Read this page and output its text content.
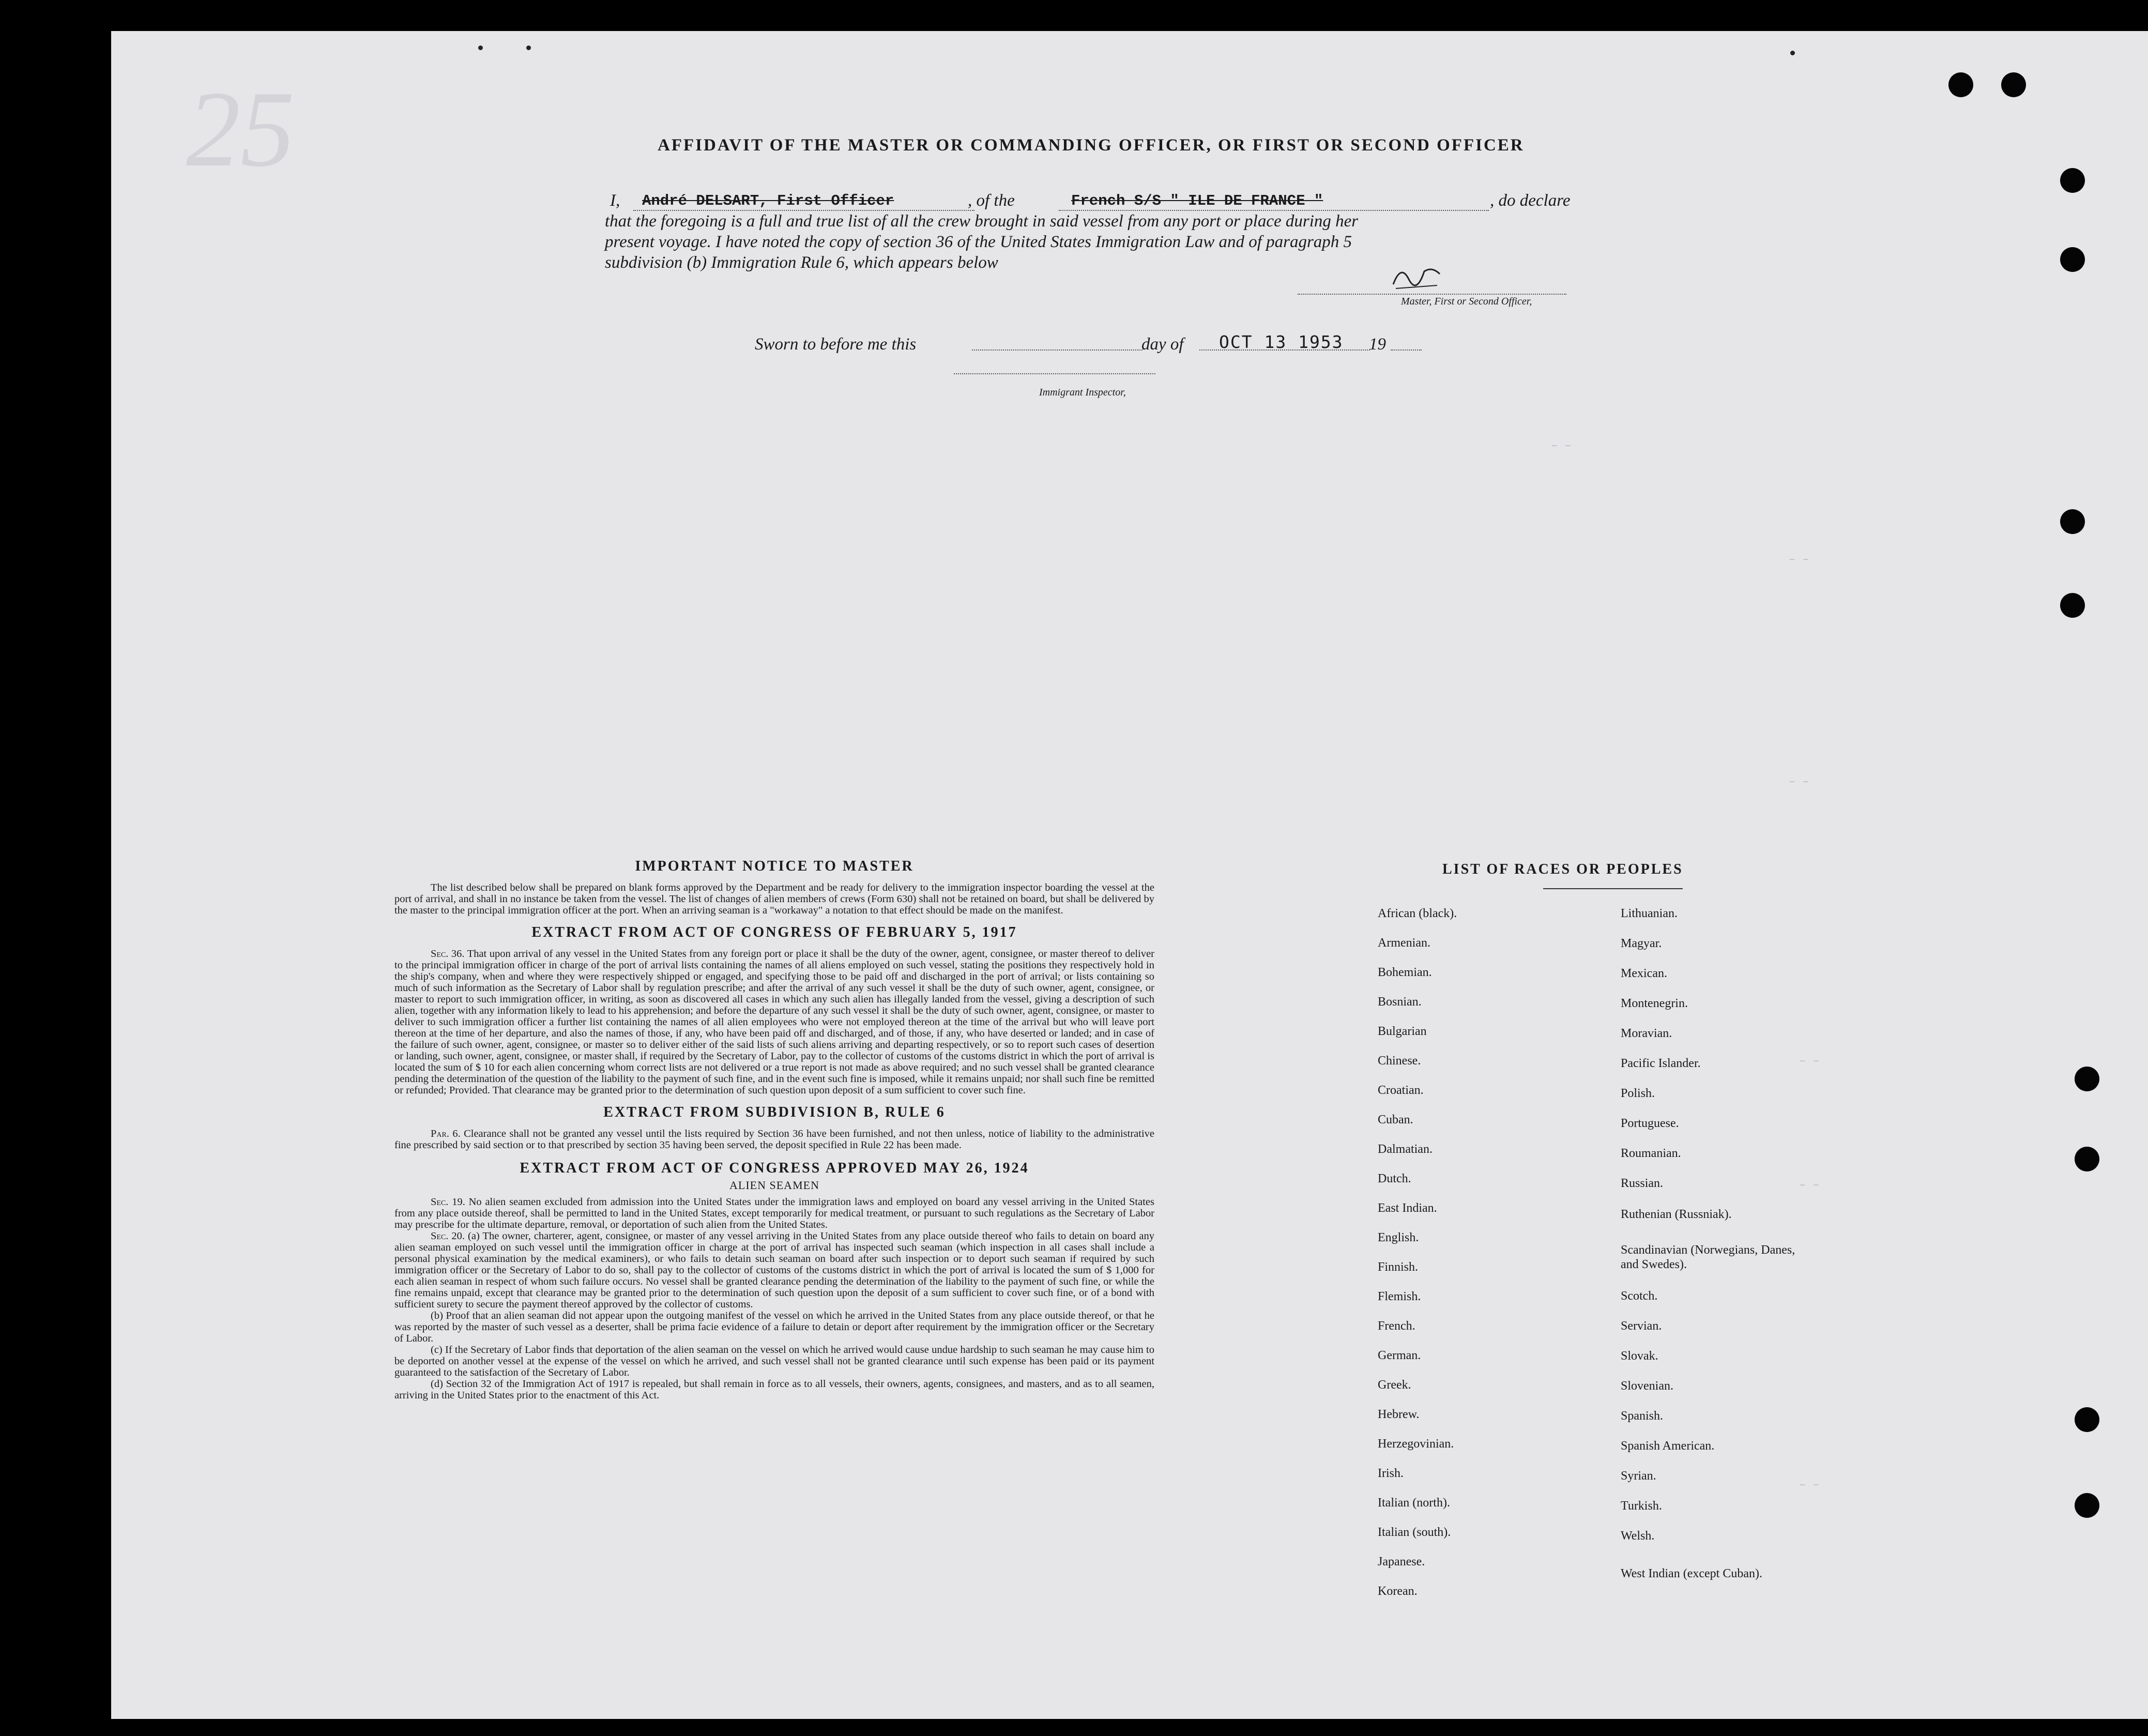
25
– –
– –
– –
– –
– –
– –
AFFIDAVIT OF THE MASTER OR COMMANDING OFFICER, OR FIRST OR SECOND OFFICER
I, André DELSART, First Officer	, of the	French S/S " ILE DE FRANCE "	, do declare
that the foregoing is a full and true list of all the crew brought in said vessel from any port or place during her
present voyage. I have noted the copy of section 36 of the United States Immigration Law and of paragraph 5
subdivision (b) Immigration Rule 6, which appears below
Master, First or Second Officer,
Sworn to before me this	day of OCT 13 1953 19
Immigrant Inspector,
IMPORTANT NOTICE TO MASTER

The list described below shall be prepared on blank forms approved by the Department and be ready for delivery to the immigration inspector boarding the vessel at the port of arrival, and shall in no instance be taken from the vessel. The list of changes of alien members of crews (Form 630) shall not be retained on board, but shall be delivered by the master to the principal immigration officer at the port. When an arriving seaman is a "workaway" a notation to that effect should be made on the manifest.

EXTRACT FROM ACT OF CONGRESS OF FEBRUARY 5, 1917

Sec. 36. That upon arrival of any vessel in the United States from any foreign port or place it shall be the duty of the owner, agent, consignee, or master thereof to deliver to the principal immigration officer in charge of the port of arrival lists containing the names of all aliens employed on such vessel, stating the positions they respectively hold in the ship's company, when and where they were respectively shipped or engaged, and specifying those to be paid off and discharged in the port of arrival; or lists containing so much of such information as the Secretary of Labor shall by regulation prescribe; and after the arrival of any such vessel it shall be the duty of such owner, agent, consignee, or master to report to such immigration officer, in writing, as soon as discovered all cases in which any such alien has illegally landed from the vessel, giving a description of such alien, together with any information likely to lead to his apprehension; and before the departure of any such vessel it shall be the duty of such owner, agent, consignee, or master to deliver to such immigration officer a further list containing the names of all alien employees who were not employed thereon at the time of the arrival but who will leave port thereon at the time of her departure, and also the names of those, if any, who have been paid off and discharged, and of those, if any, who have deserted or landed; and in case of the failure of such owner, agent, consignee, or master so to deliver either of the said lists of such aliens arriving and departing respectively, or so to report such cases of desertion or landing, such owner, agent, consignee, or master shall, if required by the Secretary of Labor, pay to the collector of customs of the customs district in which the port of arrival is located the sum of $ 10 for each alien concerning whom correct lists are not delivered or a true report is not made as above required; and no such vessel shall be granted clearance pending the determination of the question of the liability to the payment of such fine, and in the event such fine is imposed, while it remains unpaid; nor shall such fine be remitted or refunded; Provided. That clearance may be granted prior to the determination of such question upon deposit of a sum sufficient to cover such fine.

EXTRACT FROM SUBDIVISION B, RULE 6

Par. 6. Clearance shall not be granted any vessel until the lists required by Section 36 have been furnished, and not then unless, notice of liability to the administrative fine prescribed by said section or to that prescribed by section 35 having been served, the deposit specified in Rule 22 has been made.

EXTRACT FROM ACT OF CONGRESS APPROVED MAY 26, 1924
ALIEN SEAMEN

Sec. 19. No alien seamen excluded from admission into the United States under the immigration laws and employed on board any vessel arriving in the United States from any place outside thereof, shall be permitted to land in the United States, except temporarily for medical treatment, or pursuant to such regulations as the Secretary of Labor may prescribe for the ultimate departure, removal, or deportation of such alien from the United States.

Sec. 20. (a) The owner, charterer, agent, consignee, or master of any vessel arriving in the United States from any place outside thereof who fails to detain on board any alien seaman employed on such vessel until the immigration officer in charge at the port of arrival has inspected such seaman (which inspection in all cases shall include a personal physical examination by the medical examiners), or who fails to detain such seaman on board after such inspection or to deport such seaman if required by such immigration officer or the Secretary of Labor to do so, shall pay to the collector of customs of the customs district in which the port of arrival is located the sum of $ 1,000 for each alien seaman in respect of whom such failure occurs. No vessel shall be granted clearance pending the determination of the liability to the payment of such fine, or while the fine remains unpaid, except that clearance may be granted prior to the determination of such question upon the deposit of a sum sufficient to cover such fine, or of a bond with sufficient surety to secure the payment thereof approved by the collector of customs.

(b) Proof that an alien seaman did not appear upon the outgoing manifest of the vessel on which he arrived in the United States from any place outside thereof, or that he was reported by the master of such vessel as a deserter, shall be prima facie evidence of a failure to detain or deport after requirement by the immigration officer or the Secretary of Labor.

(c) If the Secretary of Labor finds that deportation of the alien seaman on the vessel on which he arrived would cause undue hardship to such seaman he may cause him to be deported on another vessel at the expense of the vessel on which he arrived, and such vessel shall not be granted clearance until such expense has been paid or its payment guaranteed to the satisfaction of the Secretary of Labor.

(d) Section 32 of the Immigration Act of 1917 is repealed, but shall remain in force as to all vessels, their owners, agents, consignees, and masters, and as to all seamen, arriving in the United States prior to the enactment of this Act.

LIST OF RACES OR PEOPLES
African (black).
Armenian.
Bohemian.
Bosnian.
Bulgarian
Chinese.
Croatian.
Cuban.
Dalmatian.
Dutch.
East Indian.
English.
Finnish.
Flemish.
French.
German.
Greek.
Hebrew.
Herzegovinian.
Irish.
Italian (north).
Italian (south).
Japanese.
Korean.
Lithuanian.
Magyar.
Mexican.
Montenegrin.
Moravian.
Pacific Islander.
Polish.
Portuguese.
Roumanian.
Russian.
Ruthenian (Russniak).
Scandinavian (Norwegians, Danes, and Swedes).
Scotch.
Servian.
Slovak.
Slovenian.
Spanish.
Spanish American.
Syrian.
Turkish.
Welsh.
West Indian (except Cuban).
